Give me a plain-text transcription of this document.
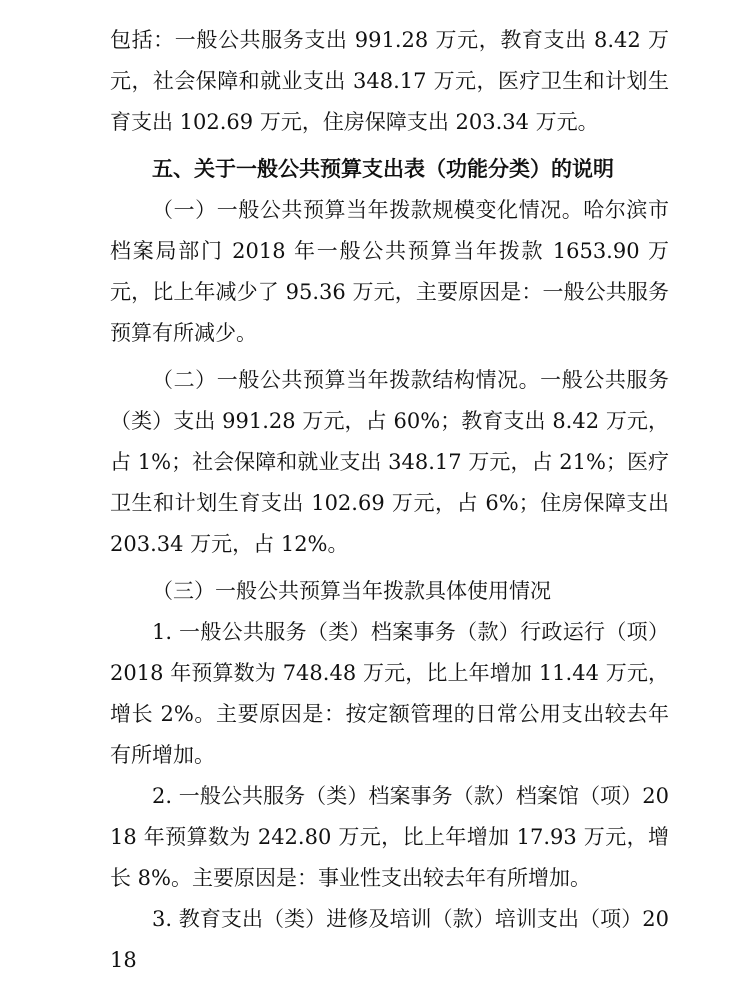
包括：一般公共服务支出 991.28 万元，教育支出 8.42 万元，社会保障和就业支出 348.17 万元，医疗卫生和计划生育支出 102.69 万元，住房保障支出 203.34 万元。

五、关于一般公共预算支出表（功能分类）的说明

（一）一般公共预算当年拨款规模变化情况。哈尔滨市档案局部门 2018 年一般公共预算当年拨款 1653.90 万元，比上年减少了 95.36 万元，主要原因是：一般公共服务预算有所减少。

（二）一般公共预算当年拨款结构情况。一般公共服务（类）支出 991.28 万元，占 60%；教育支出 8.42 万元，占 1%；社会保障和就业支出 348.17 万元，占 21%；医疗卫生和计划生育支出 102.69 万元，占 6%；住房保障支出 203.34 万元，占 12%。

（三）一般公共预算当年拨款具体使用情况

1. 一般公共服务（类）档案事务（款）行政运行（项）2018 年预算数为 748.48 万元，比上年增加 11.44 万元，增长 2%。主要原因是：按定额管理的日常公用支出较去年有所增加。

2. 一般公共服务（类）档案事务（款）档案馆（项）2018 年预算数为 242.80 万元，比上年增加 17.93 万元，增长 8%。主要原因是：事业性支出较去年有所增加。

3. 教育支出（类）进修及培训（款）培训支出（项）2018
